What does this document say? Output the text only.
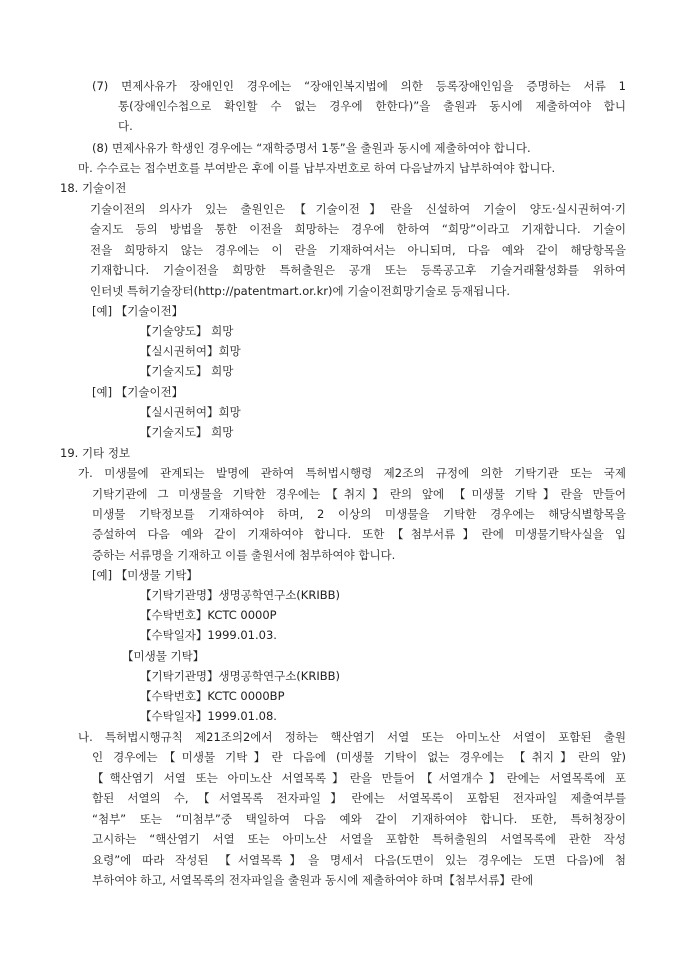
(7) 면제사유가 장애인인 경우에는 “장애인복지법에 의한 등록장애인임을 증명하는 서류 1
통(장애인수첩으로 확인할 수 없는 경우에 한한다)”을 출원과 동시에 제출하여야 합니
다.
(8) 면제사유가 학생인 경우에는 “재학증명서 1통”을 출원과 동시에 제출하여야 합니다.
마. 수수료는 접수번호를 부여받은 후에 이를 납부자번호로 하여 다음날까지 납부하여야 합니다.
18. 기술이전
기술이전의 의사가 있는 출원인은【기술이전】란을 신설하여 기술이 양도·실시권허여·기
술지도 등의 방법을 통한 이전을 희망하는 경우에 한하여 “희망”이라고 기재합니다. 기술이
전을 희망하지 않는 경우에는 이 란을 기재하여서는 아니되며, 다음 예와 같이 해당항목을
기재합니다. 기술이전을 희망한 특허출원은 공개 또는 등록공고후 기술거래활성화를 위하여
인터넷 특허기술장터(http://patentmart.or.kr)에 기술이전희망기술로 등재됩니다.
[예] 【기술이전】
【기술양도】 희망
【실시권허여】희망
【기술지도】 희망
[예] 【기술이전】
【실시권허여】희망
【기술지도】 희망
19. 기타 정보
가. 미생물에 관계되는 발명에 관하여 특허법시행령 제2조의 규정에 의한 기탁기관 또는 국제
기탁기관에 그 미생물을 기탁한 경우에는【취지】란의 앞에 【미생물 기탁】란을 만들어
미생물 기탁정보를 기재하여야 하며, 2 이상의 미생물을 기탁한 경우에는 해당식별항목을
증설하여 다음 예와 같이 기재하여야 합니다. 또한【첨부서류】란에 미생물기탁사실을 입
증하는 서류명을 기재하고 이를 출원서에 첨부하여야 합니다.
[예] 【미생물 기탁】
【기탁기관명】생명공학연구소(KRIBB)
【수탁번호】KCTC 0000P
【수탁일자】1999.01.03.
【미생물 기탁】
【기탁기관명】생명공학연구소(KRIBB)
【수탁번호】KCTC 0000BP
【수탁일자】1999.01.08.
나. 특허법시행규칙 제21조의2에서 정하는 핵산염기 서열 또는 아미노산 서열이 포함된 출원
인 경우에는【미생물 기탁】란 다음에 (미생물 기탁이 없는 경우에는 【취지】란의 앞)
【핵산염기 서열 또는 아미노산 서열목록】란을 만들어【서열개수】란에는 서열목록에 포
함된 서열의 수,【서열목록 전자파일】란에는 서열목록이 포함된 전자파일 제출여부를
“첨부” 또는 “미첨부”중 택일하여 다음 예와 같이 기재하여야 합니다. 또한, 특허청장이
고시하는 “핵산염기 서열 또는 아미노산 서열을 포함한 특허출원의 서열목록에 관한 작성
요령”에 따라 작성된 【서열목록】을 명세서 다음(도면이 있는 경우에는 도면 다음)에 첨
부하여야 하고, 서열목록의 전자파일을 출원과 동시에 제출하여야 하며【첨부서류】란에
